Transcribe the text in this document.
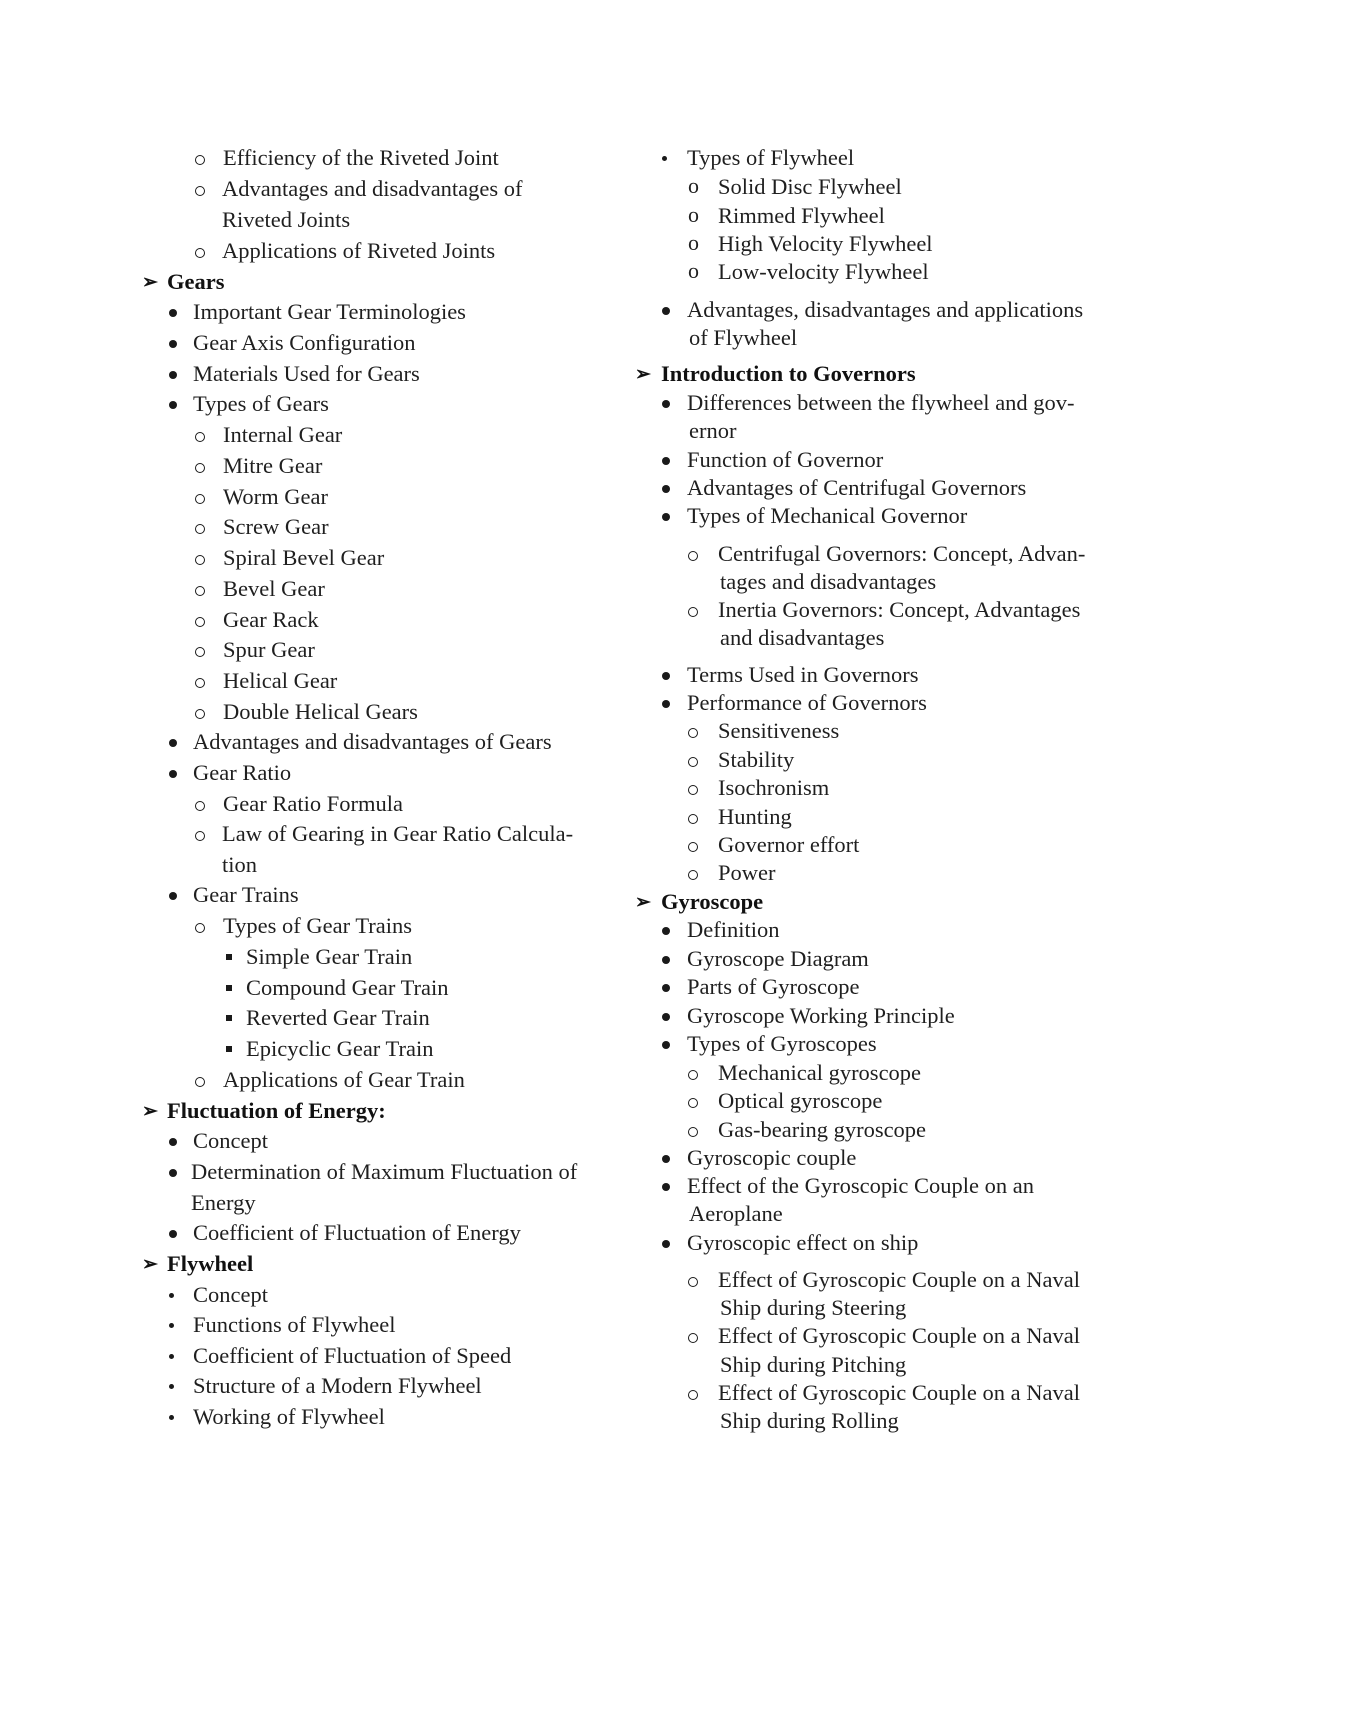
Efficiency of the Riveted Joint
Advantages and disadvantages of
Riveted Joints
Applications of Riveted Joints
➢ Gears
Important Gear Terminologies
Gear Axis Configuration
Materials Used for Gears
Types of Gears
Internal Gear
Mitre Gear
Worm Gear
Screw Gear
Spiral Bevel Gear
Bevel Gear
Gear Rack
Spur Gear
Helical Gear
Double Helical Gears
Advantages and disadvantages of Gears
Gear Ratio
Gear Ratio Formula
Law of Gearing in Gear Ratio Calcula-
tion
Gear Trains
Types of Gear Trains
Simple Gear Train
Compound Gear Train
Reverted Gear Train
Epicyclic Gear Train
Applications of Gear Train
➢ Fluctuation of Energy:
Concept
Determination of Maximum Fluctuation of
Energy
Coefficient of Fluctuation of Energy
➢ Flywheel
Concept
Functions of Flywheel
Coefficient of Fluctuation of Speed
Structure of a Modern Flywheel
Working of Flywheel
Types of Flywheel
o Solid Disc Flywheel
o Rimmed Flywheel
o High Velocity Flywheel
o Low-velocity Flywheel
Advantages, disadvantages and applications
of Flywheel
➢ Introduction to Governors
Differences between the flywheel and gov-
ernor
Function of Governor
Advantages of Centrifugal Governors
Types of Mechanical Governor
Centrifugal Governors: Concept, Advan-
tages and disadvantages
Inertia Governors: Concept, Advantages
and disadvantages
Terms Used in Governors
Performance of Governors
Sensitiveness
Stability
Isochronism
Hunting
Governor effort
Power
➢ Gyroscope
Definition
Gyroscope Diagram
Parts of Gyroscope
Gyroscope Working Principle
Types of Gyroscopes
Mechanical gyroscope
Optical gyroscope
Gas-bearing gyroscope
Gyroscopic couple
Effect of the Gyroscopic Couple on an
Aeroplane
Gyroscopic effect on ship
Effect of Gyroscopic Couple on a Naval
Ship during Steering
Effect of Gyroscopic Couple on a Naval
Ship during Pitching
Effect of Gyroscopic Couple on a Naval
Ship during Rolling
